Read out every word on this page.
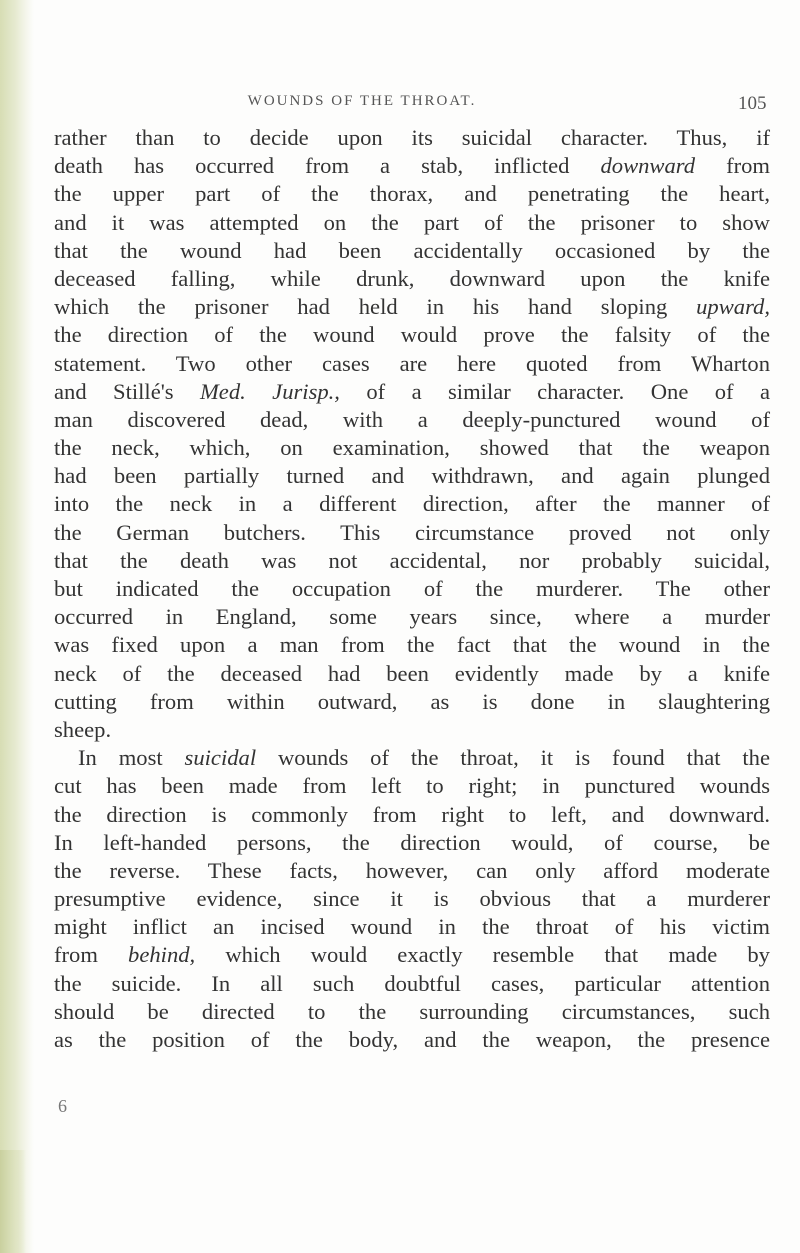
WOUNDS OF THE THROAT.	105
rather than to decide upon its suicidal character. Thus, if
death has occurred from a stab, inflicted downward from
the upper part of the thorax, and penetrating the heart,
and it was attempted on the part of the prisoner to show
that the wound had been accidentally occasioned by the
deceased falling, while drunk, downward upon the knife
which the prisoner had held in his hand sloping upward,
the direction of the wound would prove the falsity of the
statement. Two other cases are here quoted from Wharton
and Stillé's Med. Jurisp., of a similar character. One of a
man discovered dead, with a deeply-punctured wound of
the neck, which, on examination, showed that the weapon
had been partially turned and withdrawn, and again plunged
into the neck in a different direction, after the manner of
the German butchers. This circumstance proved not only
that the death was not accidental, nor probably suicidal,
but indicated the occupation of the murderer. The other
occurred in England, some years since, where a murder
was fixed upon a man from the fact that the wound in the
neck of the deceased had been evidently made by a knife
cutting from within outward, as is done in slaughtering
sheep.
In most suicidal wounds of the throat, it is found that the
cut has been made from left to right; in punctured wounds
the direction is commonly from right to left, and downward.
In left-handed persons, the direction would, of course, be
the reverse. These facts, however, can only afford moderate
presumptive evidence, since it is obvious that a murderer
might inflict an incised wound in the throat of his victim
from behind, which would exactly resemble that made by
the suicide. In all such doubtful cases, particular attention
should be directed to the surrounding circumstances, such
as the position of the body, and the weapon, the presence
6
